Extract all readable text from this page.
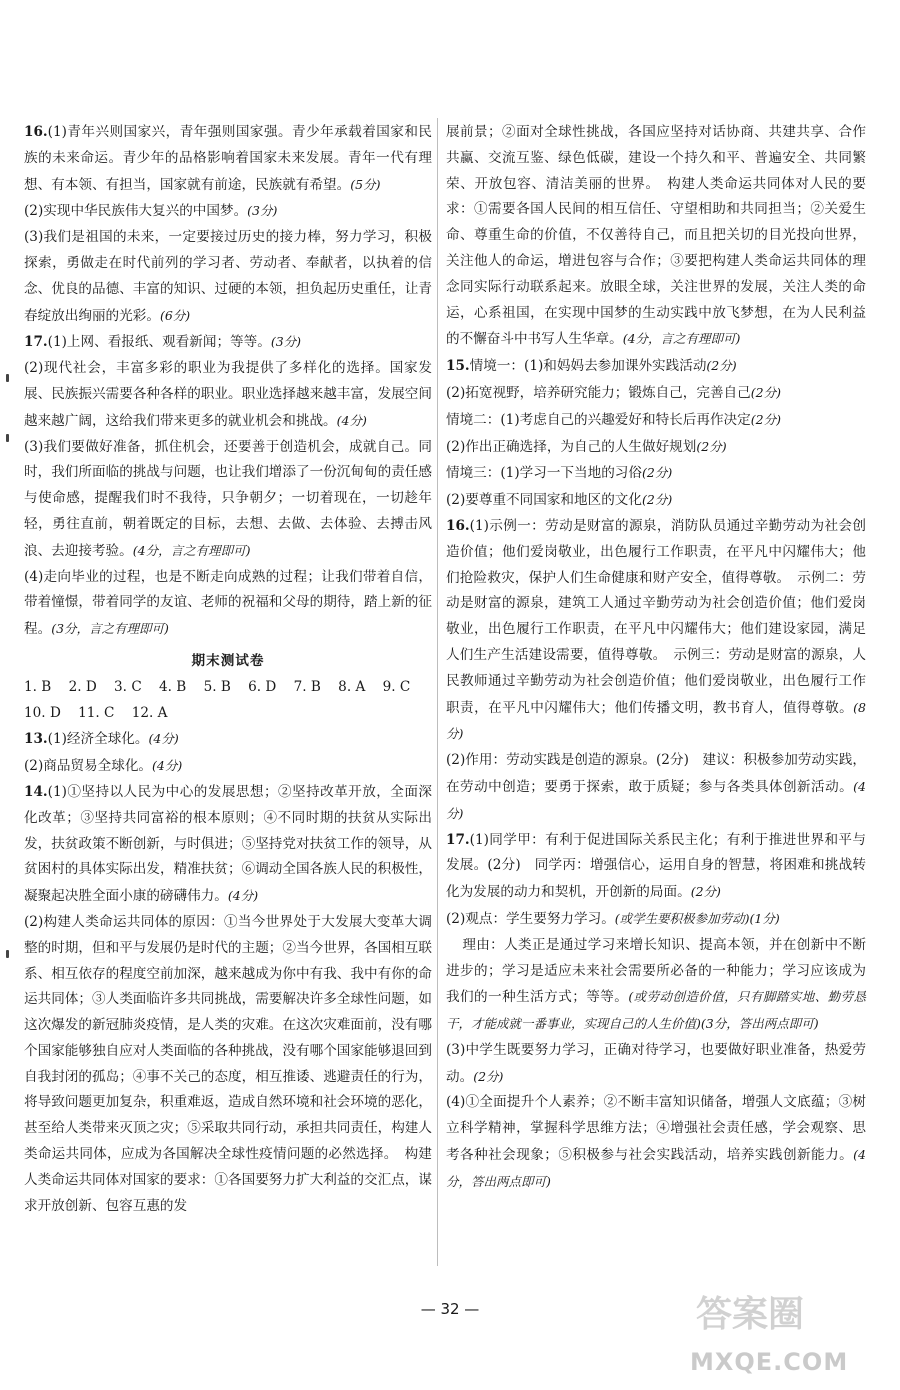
16.(1)青年兴则国家兴，青年强则国家强。青少年承载着国家和民族的未来命运。青少年的品格影响着国家未来发展。青年一代有理想、有本领、有担当，国家就有前途，民族就有希望。(5分)

(2)实现中华民族伟大复兴的中国梦。(3分)

(3)我们是祖国的未来，一定要接过历史的接力棒，努力学习，积极探索，勇做走在时代前列的学习者、劳动者、奉献者，以执着的信念、优良的品德、丰富的知识、过硬的本领，担负起历史重任，让青春绽放出绚丽的光彩。(6分)

17.(1)上网、看报纸、观看新闻；等等。(3分)

(2)现代社会，丰富多彩的职业为我提供了多样化的选择。国家发展、民族振兴需要各种各样的职业。职业选择越来越丰富，发展空间越来越广阔，这给我们带来更多的就业机会和挑战。(4分)

(3)我们要做好准备，抓住机会，还要善于创造机会，成就自己。同时，我们所面临的挑战与问题，也让我们增添了一份沉甸甸的责任感与使命感，提醒我们时不我待，只争朝夕；一切着现在，一切趁年轻，勇往直前，朝着既定的目标，去想、去做、去体验、去搏击风浪、去迎接考验。(4分，言之有理即可)

(4)走向毕业的过程，也是不断走向成熟的过程；让我们带着自信，带着憧憬，带着同学的友谊、老师的祝福和父母的期待，踏上新的征程。(3分，言之有理即可)

期末测试卷

1. B    2. D    3. C    4. B    5. B    6. D    7. B    8. A    9. C

10. D    11. C    12. A

13.(1)经济全球化。(4分)

(2)商品贸易全球化。(4分)

14.(1)①坚持以人民为中心的发展思想；②坚持改革开放，全面深化改革；③坚持共同富裕的根本原则；④不同时期的扶贫从实际出发，扶贫政策不断创新，与时俱进；⑤坚持党对扶贫工作的领导，从贫困村的具体实际出发，精准扶贫；⑥调动全国各族人民的积极性，凝聚起决胜全面小康的磅礴伟力。(4分)

(2)构建人类命运共同体的原因：①当今世界处于大发展大变革大调整的时期，但和平与发展仍是时代的主题；②当今世界，各国相互联系、相互依存的程度空前加深，越来越成为你中有我、我中有你的命运共同体；③人类面临许多共同挑战，需要解决许多全球性问题，如这次爆发的新冠肺炎疫情，是人类的灾难。在这次灾难面前，没有哪个国家能够独自应对人类面临的各种挑战，没有哪个国家能够退回到自我封闭的孤岛；④事不关己的态度，相互推诿、逃避责任的行为，将导致问题更加复杂，积重难返，造成自然环境和社会环境的恶化，甚至给人类带来灭顶之灾；⑤采取共同行动，承担共同责任，构建人类命运共同体，应成为各国解决全球性疫情问题的必然选择。　构建人类命运共同体对国家的要求：①各国要努力扩大利益的交汇点，谋求开放创新、包容互惠的发

展前景；②面对全球性挑战，各国应坚持对话协商、共建共享、合作共赢、交流互鉴、绿色低碳，建设一个持久和平、普遍安全、共同繁荣、开放包容、清洁美丽的世界。　构建人类命运共同体对人民的要求：①需要各国人民间的相互信任、守望相助和共同担当；②关爱生命、尊重生命的价值，不仅善待自己，而且把关切的目光投向世界，关注他人的命运，增进包容与合作；③要把构建人类命运共同体的理念同实际行动联系起来。放眼全球，关注世界的发展，关注人类的命运，心系祖国，在实现中国梦的生动实践中放飞梦想，在为人民利益的不懈奋斗中书写人生华章。(4分，言之有理即可)

15.情境一：(1)和妈妈去参加课外实践活动(2分)

(2)拓宽视野，培养研究能力；锻炼自己，完善自己(2分)

情境二：(1)考虑自己的兴趣爱好和特长后再作决定(2分)

(2)作出正确选择，为自己的人生做好规划(2分)

情境三：(1)学习一下当地的习俗(2分)

(2)要尊重不同国家和地区的文化(2分)

16.(1)示例一：劳动是财富的源泉，消防队员通过辛勤劳动为社会创造价值；他们爱岗敬业，出色履行工作职责，在平凡中闪耀伟大；他们抢险救灾，保护人们生命健康和财产安全，值得尊敬。　示例二：劳动是财富的源泉，建筑工人通过辛勤劳动为社会创造价值；他们爱岗敬业，出色履行工作职责，在平凡中闪耀伟大；他们建设家园，满足人们生产生活建设需要，值得尊敬。　示例三：劳动是财富的源泉，人民教师通过辛勤劳动为社会创造价值；他们爱岗敬业，出色履行工作职责，在平凡中闪耀伟大；他们传播文明，教书育人，值得尊敬。(8分)

(2)作用：劳动实践是创造的源泉。(2分)　建议：积极参加劳动实践，在劳动中创造；要勇于探索，敢于质疑；参与各类具体创新活动。(4分)

17.(1)同学甲：有利于促进国际关系民主化；有利于推进世界和平与发展。(2分)　同学丙：增强信心，运用自身的智慧，将困难和挑战转化为发展的动力和契机，开创新的局面。(2分)

(2)观点：学生要努力学习。(或学生要积极参加劳动)(1分)

理由：人类正是通过学习来增长知识、提高本领，并在创新中不断进步的；学习是适应未来社会需要所必备的一种能力；学习应该成为我们的一种生活方式；等等。(或劳动创造价值，只有脚踏实地、勤劳恳干，才能成就一番事业，实现自己的人生价值)(3分，答出两点即可)

(3)中学生既要努力学习，正确对待学习，也要做好职业准备，热爱劳动。(2分)

(4)①全面提升个人素养；②不断丰富知识储备，增强人文底蕴；③树立科学精神，掌握科学思维方法；④增强社会责任感，学会观察、思考各种社会现象；⑤积极参与社会实践活动，培养实践创新能力。(4分，答出两点即可)

— 32 —	答案圈
MXQE.COM
